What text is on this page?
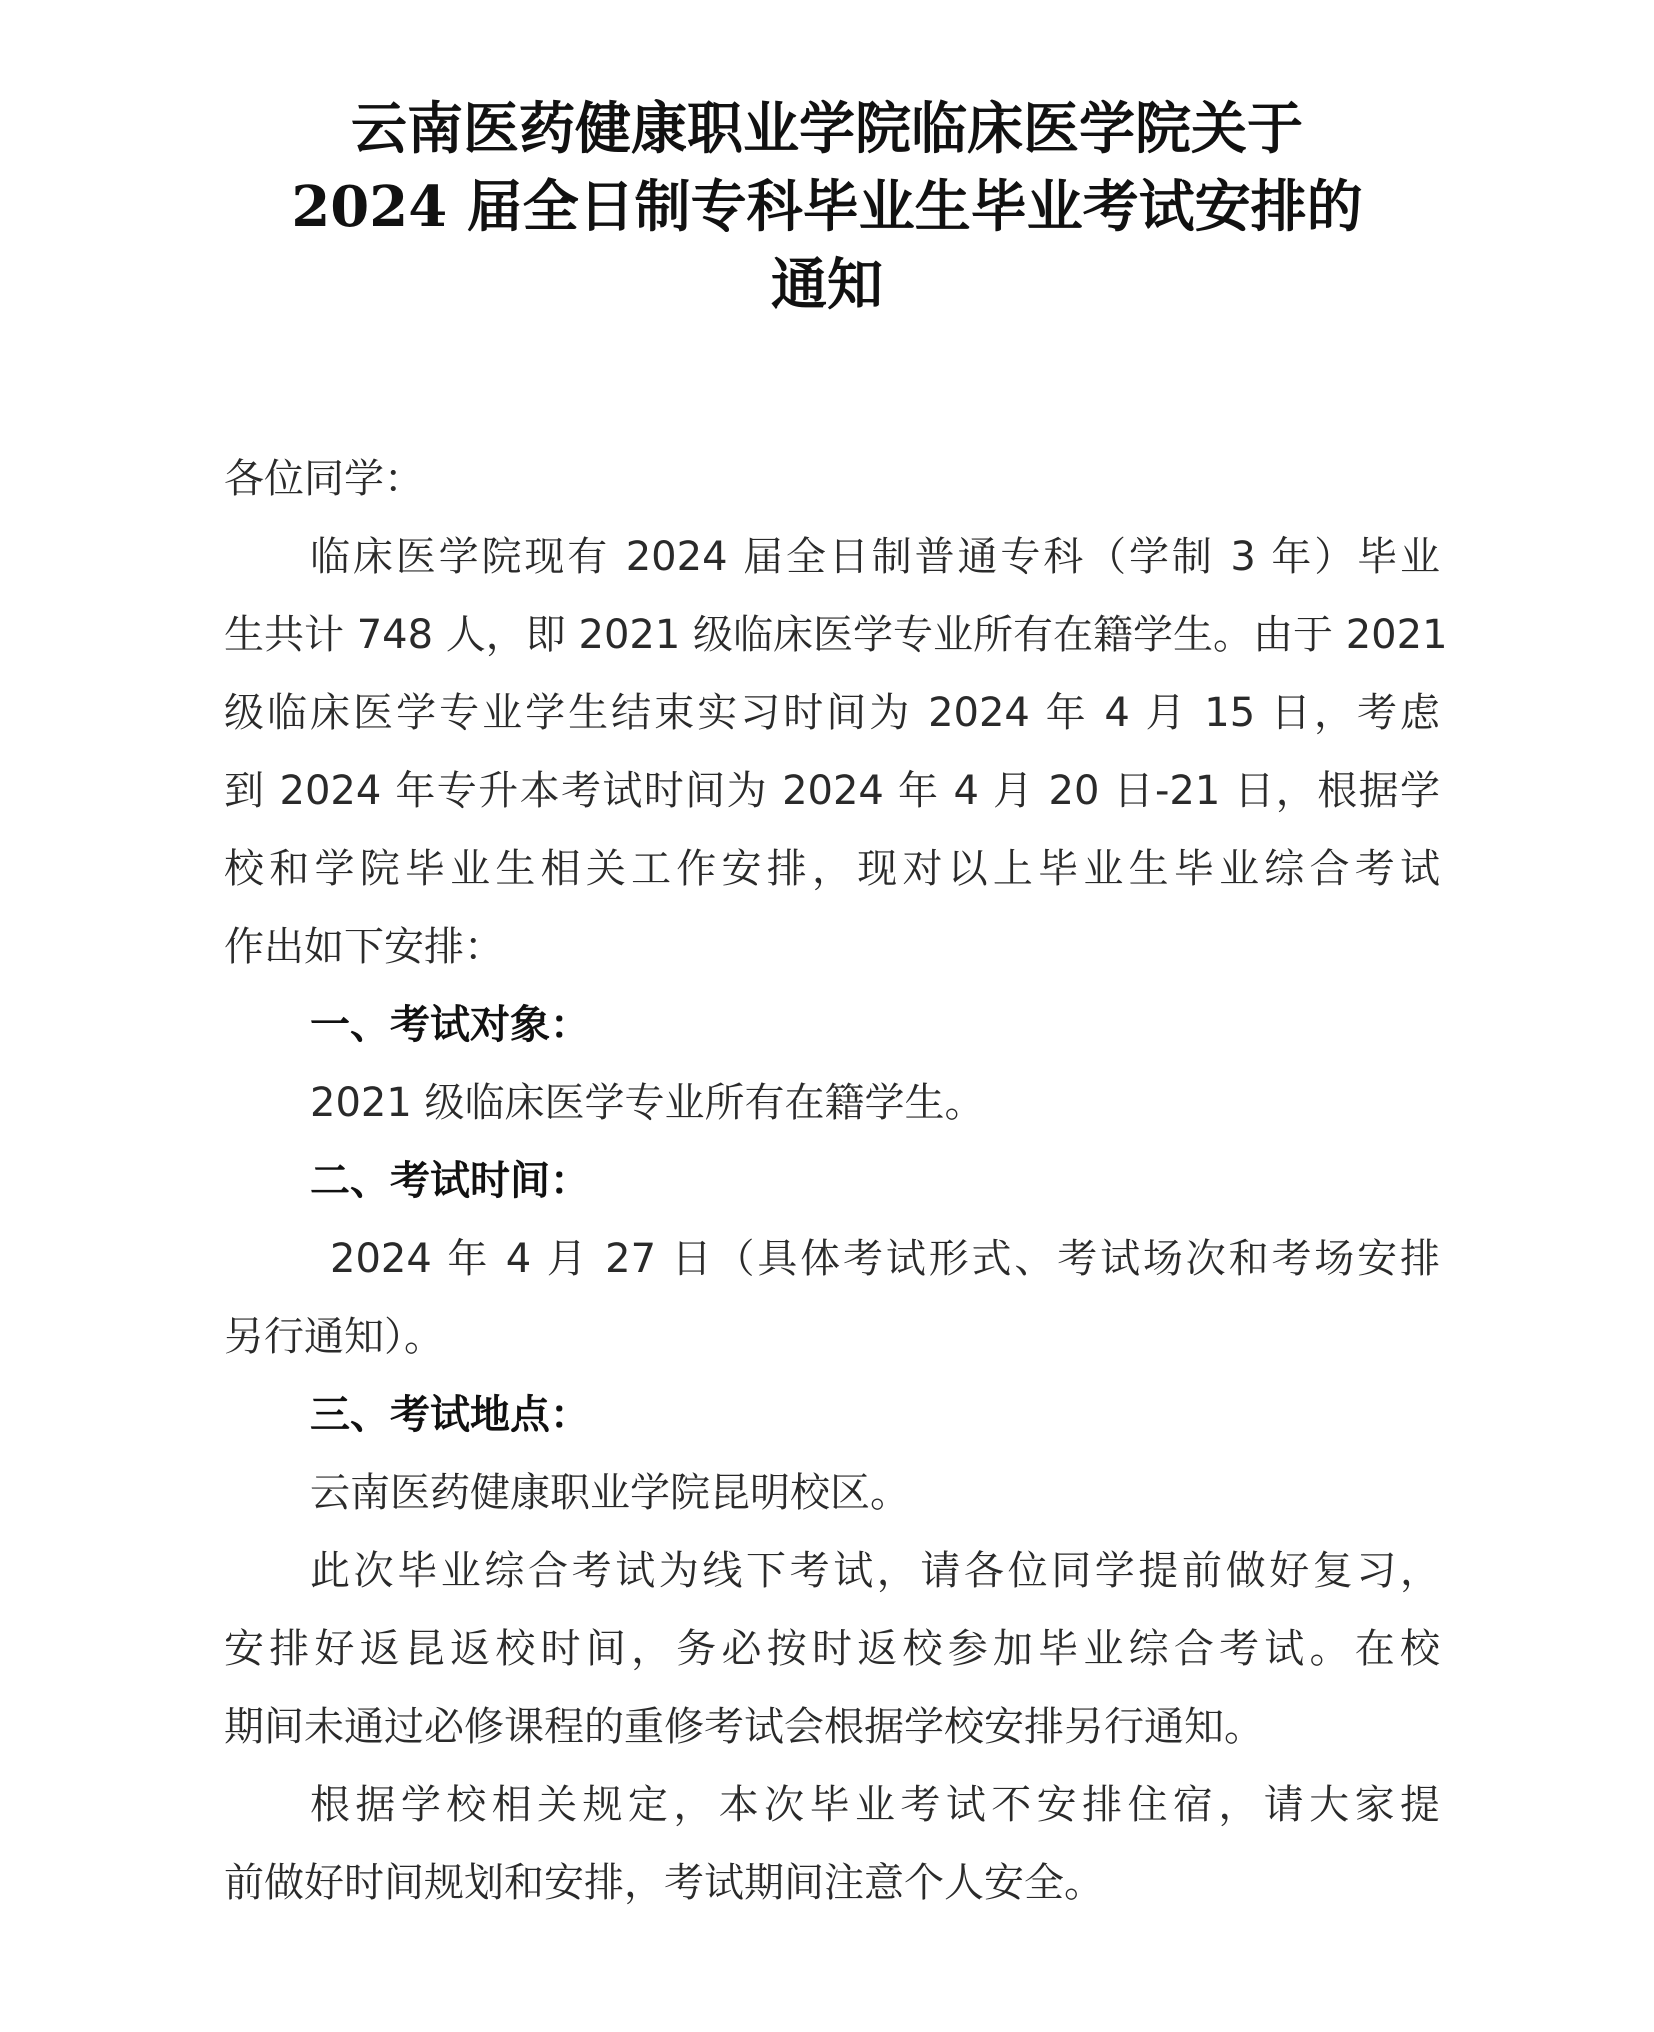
云南医药健康职业学院临床医学院关于
2024 届全日制专科毕业生毕业考试安排的
通知
各位同学：
临床医学院现有 2024 届全日制普通专科（学制 3 年）毕业
生共计 748 人，即 2021 级临床医学专业所有在籍学生。由于 2021
级临床医学专业学生结束实习时间为 2024 年 4 月 15 日，考虑
到 2024 年专升本考试时间为 2024 年 4 月 20 日-21 日，根据学
校和学院毕业生相关工作安排，现对以上毕业生毕业综合考试
作出如下安排：
一、考试对象：
2021 级临床医学专业所有在籍学生。
二、考试时间：
2024 年 4 月 27 日（具体考试形式、考试场次和考场安排
另行通知）。
三、考试地点：
云南医药健康职业学院昆明校区。
此次毕业综合考试为线下考试，请各位同学提前做好复习，
安排好返昆返校时间，务必按时返校参加毕业综合考试。在校
期间未通过必修课程的重修考试会根据学校安排另行通知。
根据学校相关规定，本次毕业考试不安排住宿，请大家提
前做好时间规划和安排，考试期间注意个人安全。
